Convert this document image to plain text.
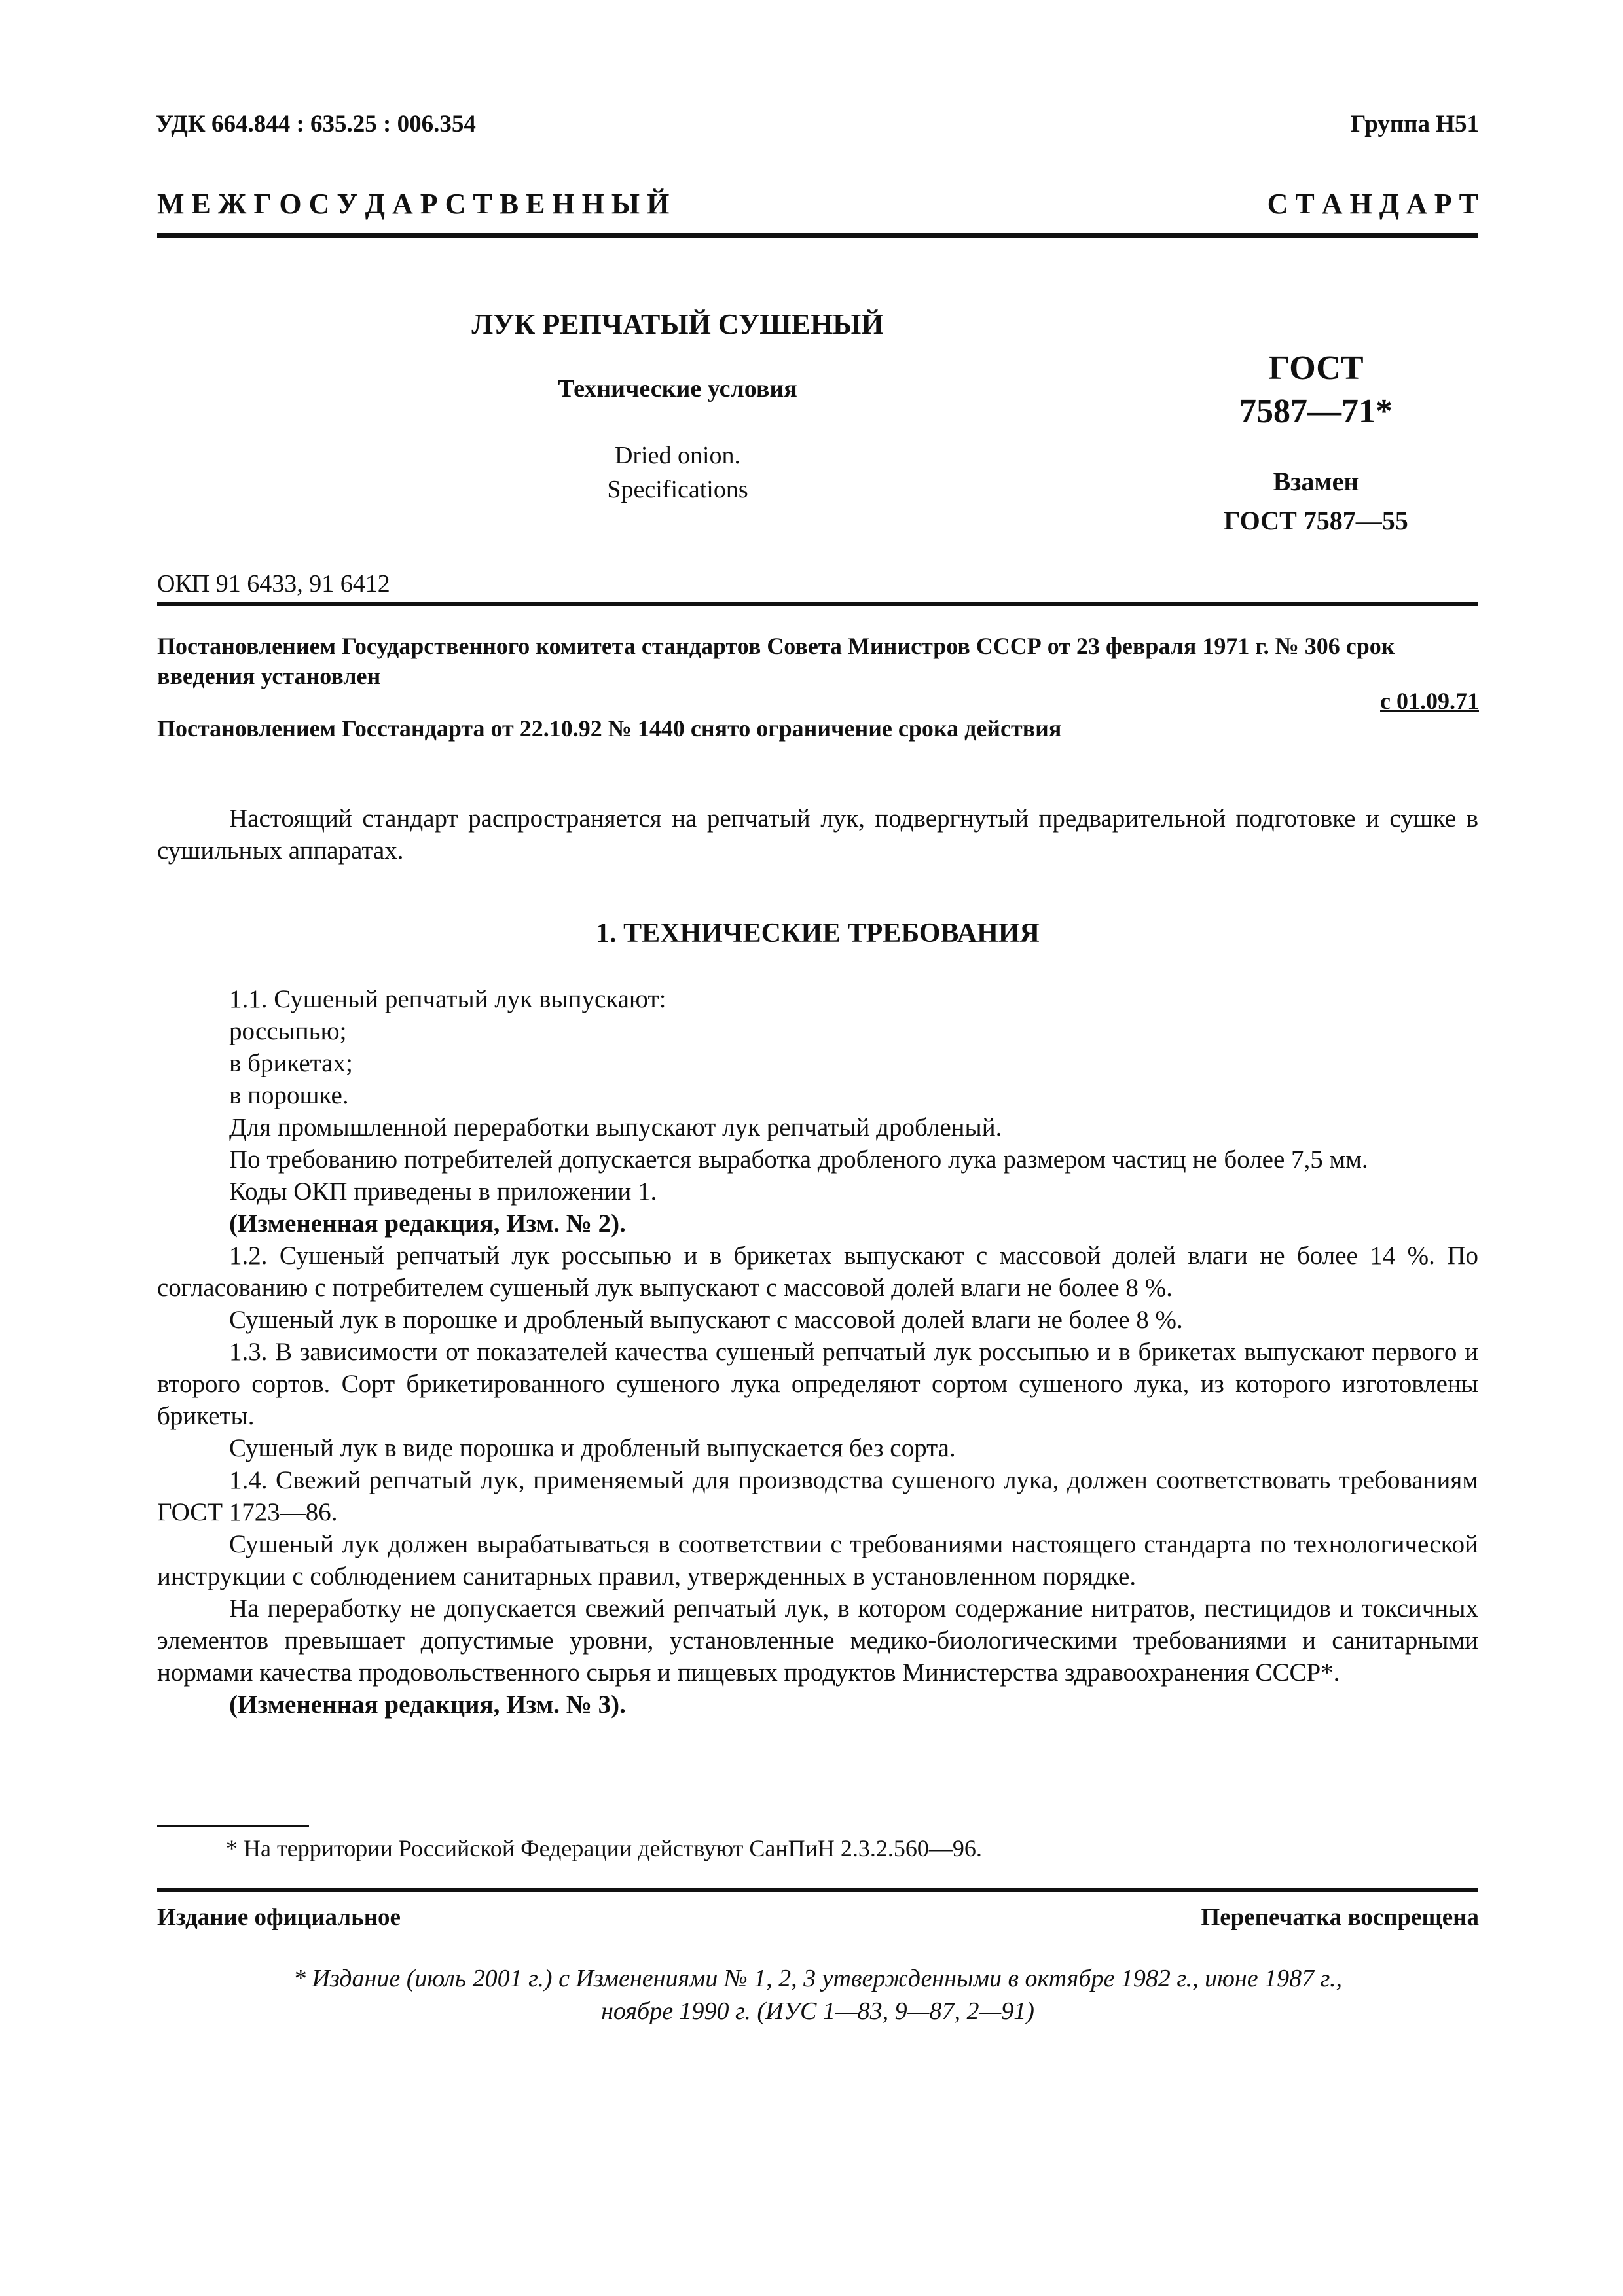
УДК 664.844 : 635.25 : 006.354	Группа Н51
М Е Ж Г О С У Д А Р С Т В Е Н Н Ы Й	С Т А Н Д А Р Т
ЛУК РЕПЧАТЫЙ СУШЕНЫЙ
Технические условия
Dried onion.
Specifications
ГОСТ
7587—71*
Взамен
ГОСТ 7587—55
ОКП 91 6433, 91 6412
Постановлением Государственного комитета стандартов Совета Министров СССР от 23 февраля 1971 г. № 306 срок введения установлен
с 01.09.71
Постановлением Госстандарта от 22.10.92 № 1440 снято ограничение срока действия

Настоящий стандарт распространяется на репчатый лук, подвергнутый предварительной подготовке и сушке в сушильных аппаратах.

1. ТЕХНИЧЕСКИЕ ТРЕБОВАНИЯ

1.1. Сушеный репчатый лук выпускают:

россыпью;

в брикетах;

в порошке.

Для промышленной переработки выпускают лук репчатый дробленый.

По требованию потребителей допускается выработка дробленого лука размером частиц не более 7,5 мм.

Коды ОКП приведены в приложении 1.

(Измененная редакция, Изм. № 2).

1.2. Сушеный репчатый лук россыпью и в брикетах выпускают с массовой долей влаги не более 14 %. По согласованию с потребителем сушеный лук выпускают с массовой долей влаги не более 8 %.

Сушеный лук в порошке и дробленый выпускают с массовой долей влаги не более 8 %.

1.3. В зависимости от показателей качества сушеный репчатый лук россыпью и в брикетах выпускают первого и второго сортов. Сорт брикетированного сушеного лука определяют сортом сушеного лука, из которого изготовлены брикеты.

Сушеный лук в виде порошка и дробленый выпускается без сорта.

1.4. Свежий репчатый лук, применяемый для производства сушеного лука, должен соответствовать требованиям ГОСТ 1723—86.

Сушеный лук должен вырабатываться в соответствии с требованиями настоящего стандарта по технологической инструкции с соблюдением санитарных правил, утвержденных в установленном порядке.

На переработку не допускается свежий репчатый лук, в котором содержание нитратов, пестицидов и токсичных элементов превышает допустимые уровни, установленные медико-биологическими требованиями и санитарными нормами качества продовольственного сырья и пищевых продуктов Министерства здравоохранения СССР*.

(Измененная редакция, Изм. № 3).

* На территории Российской Федерации действуют СанПиН 2.3.2.560—96.
Издание официальное	Перепечатка воспрещена
* Издание (июль 2001 г.) с Изменениями № 1, 2, 3 утвержденными в октябре 1982 г., июне 1987 г.,
ноябре 1990 г. (ИУС 1—83, 9—87, 2—91)
